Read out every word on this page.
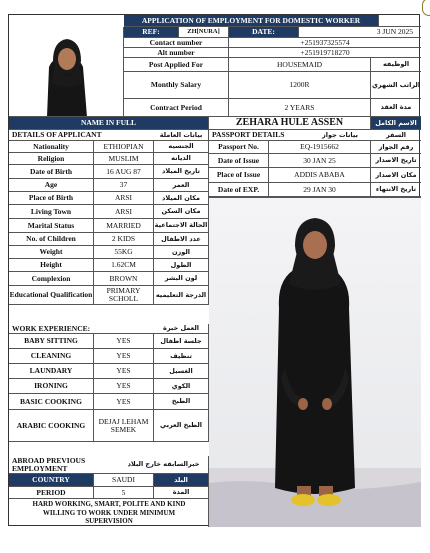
APPLICATION OF EMPLOYMENT FOR DOMESTIC WORKER
REF:	ZH[NURA]	DATE:	3 JUN 2025
Contact number	+251937325574
Alt number	+251919718270
Post Applied For	HOUSEMAID	الوظيفه
Monthly Salary	1200R	الراتب الشهري
Contract Period	2 YEARS	مدة العقد
NAME IN FULL	ZEHARA HULE ASSEN	الاسم الكامل
DETAILS OF APPLICANT	بيانات العاملة
Nationality	ETHIOPIAN	الجنسيه
Religion	MUSLIM	الديانه
Date of Birth	16 AUG 87	تاريخ الميلاد
Age	37	العمر
Place of Birth	ARSI	مكان الميلاد
Living Town	ARSI	مكان السكن
Marital Status	MARRIED	الحالة الاجتماعية
No. of Children	2 KIDS	عدد الاطفال
Weight	55KG	الوزن
Height	1.62CM	الطول
Complexion	BROWN	لون البشر
Educational Qualification	PRIMARY SCHOLL	الدرجة التعليميه
PASSPORT DETAILS	بيانات جواز	السفر
Passport No.	EQ-1915662	رقم الجواز
Date of Issue	30 JAN 25	تاريخ الاصدار
Place of Issue	ADDIS ABABA	مكان الاصدار
Date of EXP.	29 JAN 30	تاريخ الانتهاء
WORK EXPERIENCE:	العمل خبرة
BABY SITTING	YES	جلسة اطفال
CLEANING	YES	تنظيف
LAUNDARY	YES	الغسيل
IRONING	YES	الكوي
BASIC COOKING	YES	الطبخ
ARABIC COOKING	DEJAJ LEHAM SEMEK	الطبخ العربي
ABROAD PREVIOUS EMPLOYMENT	خبرالسابقه خارج البلاد
COUNTRY	SAUDI	البلد
PERIOD	5	المدة
HARD WORKING, SMART, POLITE AND KIND WILLING TO WORK UNDER MINIMUM SUPERVISION
